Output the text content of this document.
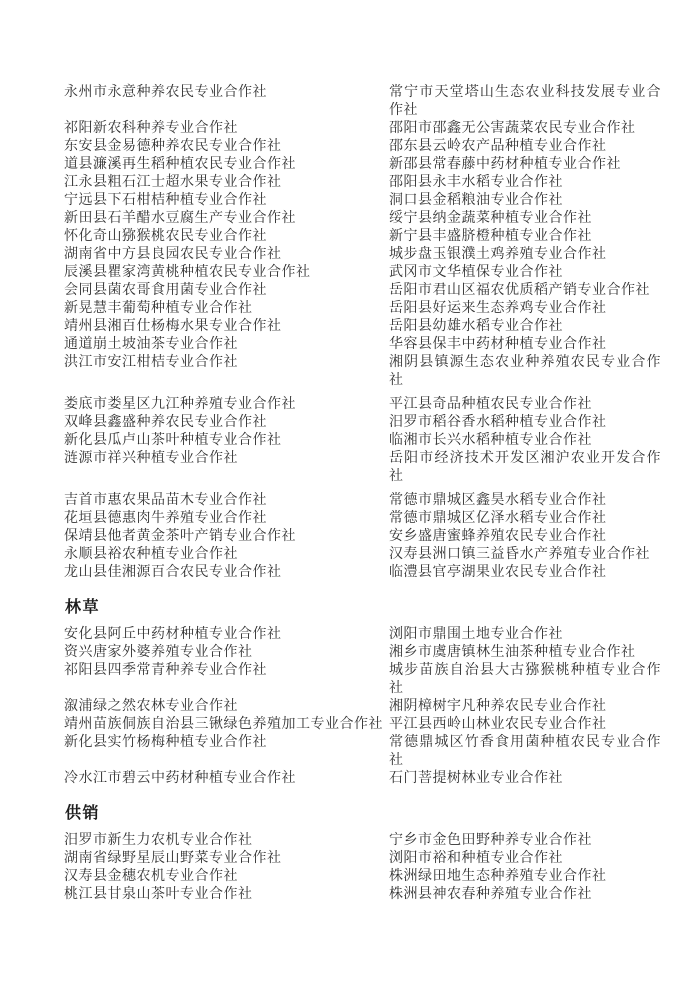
永州市永意种养农民专业合作社	常宁市天堂塔山生态农业科技发展专业合作社
祁阳新农科种养专业合作社	邵阳市邵鑫无公害蔬菜农民专业合作社
东安县金易德种养农民专业合作社	邵东县云岭农产品种植专业合作社
道县濂溪再生稻种植农民专业合作社	新邵县常春藤中药材种植专业合作社
江永县粗石江士超水果专业合作社	邵阳县永丰水稻专业合作社
宁远县下石柑桔种植专业合作社	洞口县金稻粮油专业合作社
新田县石羊醋水豆腐生产专业合作社	绥宁县纳金蔬菜种植专业合作社
怀化奇山猕猴桃农民专业合作社	新宁县丰盛脐橙种植专业合作社
湖南省中方县良园农民专业合作社	城步盘玉银濮土鸡养殖专业合作社
辰溪县瞿家湾黄桃种植农民专业合作社	武冈市文华植保专业合作社
会同县菌农哥食用菌专业合作社	岳阳市君山区福农优质稻产销专业合作社
新晃慧丰葡萄种植专业合作社	岳阳县好运来生态养鸡专业合作社
靖州县湘百仕杨梅水果专业合作社	岳阳县幼雄水稻专业合作社
通道崩土坡油茶专业合作社	华容县保丰中药材种植专业合作社
洪江市安江柑桔专业合作社	湘阴县镇源生态农业种养殖农民专业合作社
娄底市娄星区九江种养殖专业合作社	平江县奇品种植农民专业合作社
双峰县鑫盛种养农民专业合作社	汨罗市稻谷香水稻种植专业合作社
新化县瓜卢山茶叶种植专业合作社	临湘市长兴水稻种植专业合作社
涟源市祥兴种植专业合作社	岳阳市经济技术开发区湘沪农业开发合作社
吉首市惠农果品苗木专业合作社	常德市鼎城区鑫昊水稻专业合作社
花垣县德惠肉牛养殖专业合作社	常德市鼎城区亿泽水稻专业合作社
保靖县他者黄金茶叶产销专业合作社	安乡盛唐蜜蜂养殖农民专业合作社
永顺县裕农种植专业合作社	汉寿县洲口镇三益昏水产养殖专业合作社
龙山县佳湘源百合农民专业合作社	临澧县官亭湖果业农民专业合作社
林草
安化县阿丘中药材种植专业合作社	浏阳市鼎围土地专业合作社
资兴唐家外婆养殖专业合作社	湘乡市虞唐镇林生油茶种植专业合作社
祁阳县四季常青种养专业合作社	城步苗族自治县大古猕猴桃种植专业合作社
溆浦绿之然农林专业合作社	湘阴樟树宇凡种养农民专业合作社
靖州苗族侗族自治县三锹绿色养殖加工专业合作社 平江县西岭山林业农民专业合作社
新化县实竹杨梅种植专业合作社	常德鼎城区竹香食用菌种植农民专业合作社
冷水江市碧云中药材种植专业合作社	石门菩提树林业专业合作社
供销
汨罗市新生力农机专业合作社	宁乡市金色田野种养专业合作社
湖南省绿野星辰山野菜专业合作社	浏阳市裕和种植专业合作社
汉寿县金穗农机专业合作社	株洲绿田地生态种养殖专业合作社
桃江县甘泉山茶叶专业合作社	株洲县神农春种养殖专业合作社
